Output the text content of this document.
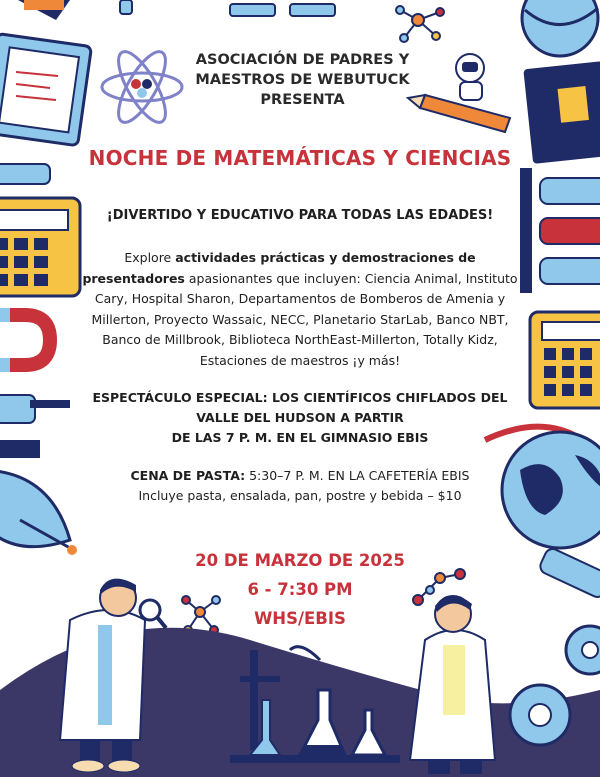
ASOCIACIÓN DE PADRES Y
MAESTROS DE WEBUTUCK
PRESENTA
NOCHE DE MATEMÁTICAS Y CIENCIAS
¡DIVERTIDO Y EDUCATIVO PARA TODAS LAS EDADES!
Explore actividades prácticas y demostraciones de presentadores apasionantes que incluyen: Ciencia Animal, Instituto Cary, Hospital Sharon, Departamentos de Bomberos de Amenia y Millerton, Proyecto Wassaic, NECC, Planetario StarLab, Banco NBT, Banco de Millbrook, Biblioteca NorthEast-Millerton, Totally Kidz, Estaciones de maestros ¡y más!
ESPECTÁCULO ESPECIAL: LOS CIENTÍFICOS CHIFLADOS DEL
VALLE DEL HUDSON A PARTIR
DE LAS 7 P. M. EN EL GIMNASIO EBIS
CENA DE PASTA: 5:30–7 P. M. EN LA CAFETERÍA EBIS
Incluye pasta, ensalada, pan, postre y bebida – $10
20 DE MARZO DE 2025
6 - 7:30 PM
WHS/EBIS
